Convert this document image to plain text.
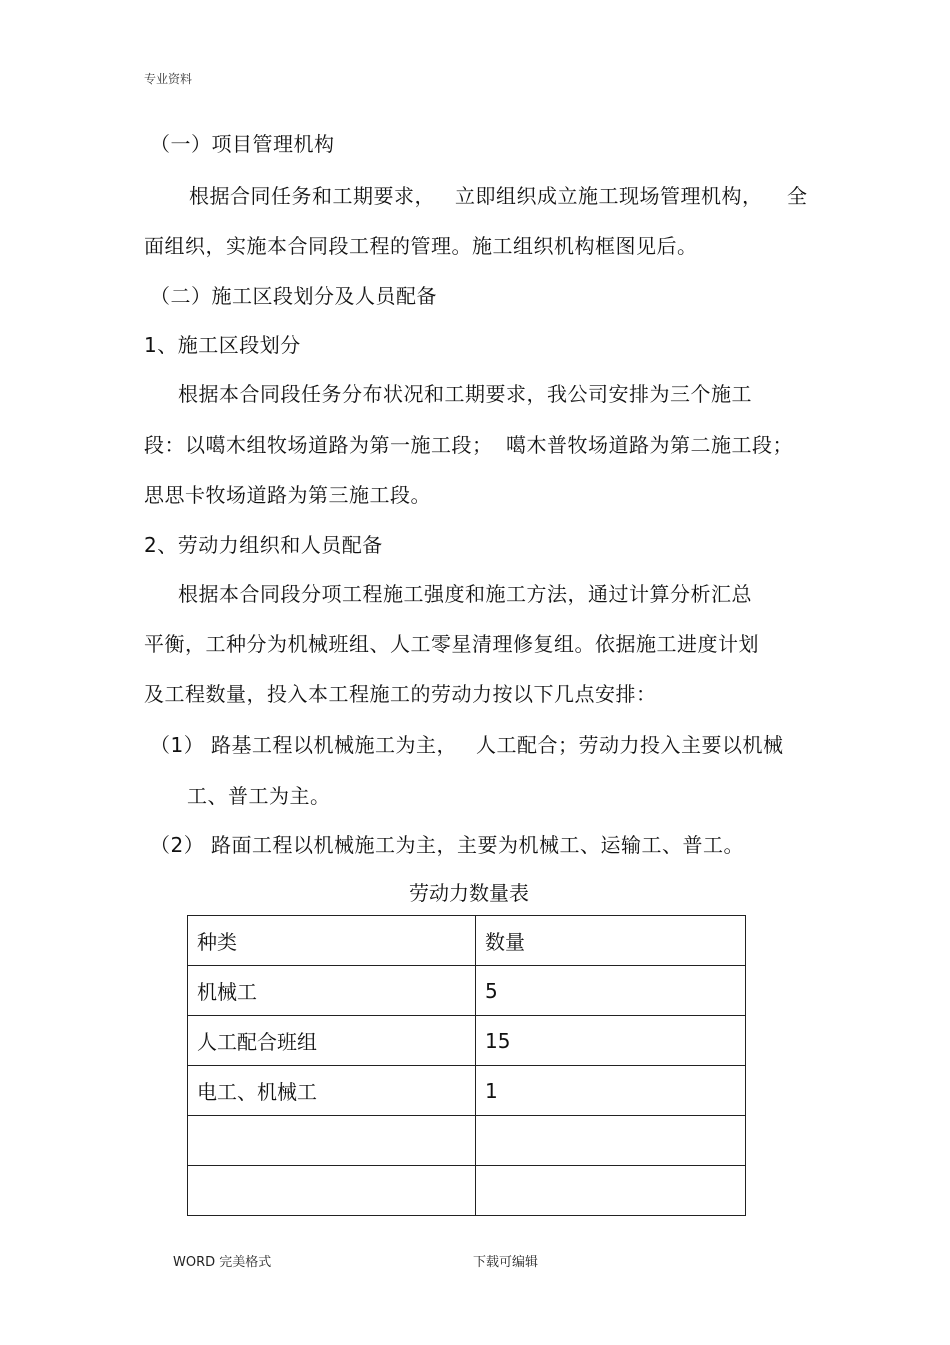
专业资料
（一）项目管理机构
根据合同任务和工期要求， 立即组织成立施工现场管理机构， 全
面组织，实施本合同段工程的管理。施工组织机构框图见后。
（二）施工区段划分及人员配备
1、施工区段划分
根据本合同段任务分布状况和工期要求，我公司安排为三个施工
段：以噶木组牧场道路为第一施工段； 噶木普牧场道路为第二施工段；
思思卡牧场道路为第三施工段。
2、劳动力组织和人员配备
根据本合同段分项工程施工强度和施工方法，通过计算分析汇总
平衡，工种分为机械班组、人工零星清理修复组。依据施工进度计划
及工程数量，投入本工程施工的劳动力按以下几点安排：
（1） 路基工程以机械施工为主， 人工配合；劳动力投入主要以机械
工、普工为主。
（2） 路面工程以机械施工为主，主要为机械工、运输工、普工。
劳动力数量表
种类	数量
机械工	5
人工配合班组	15
电工、机械工	1

WORD 完美格式	下载可编辑
